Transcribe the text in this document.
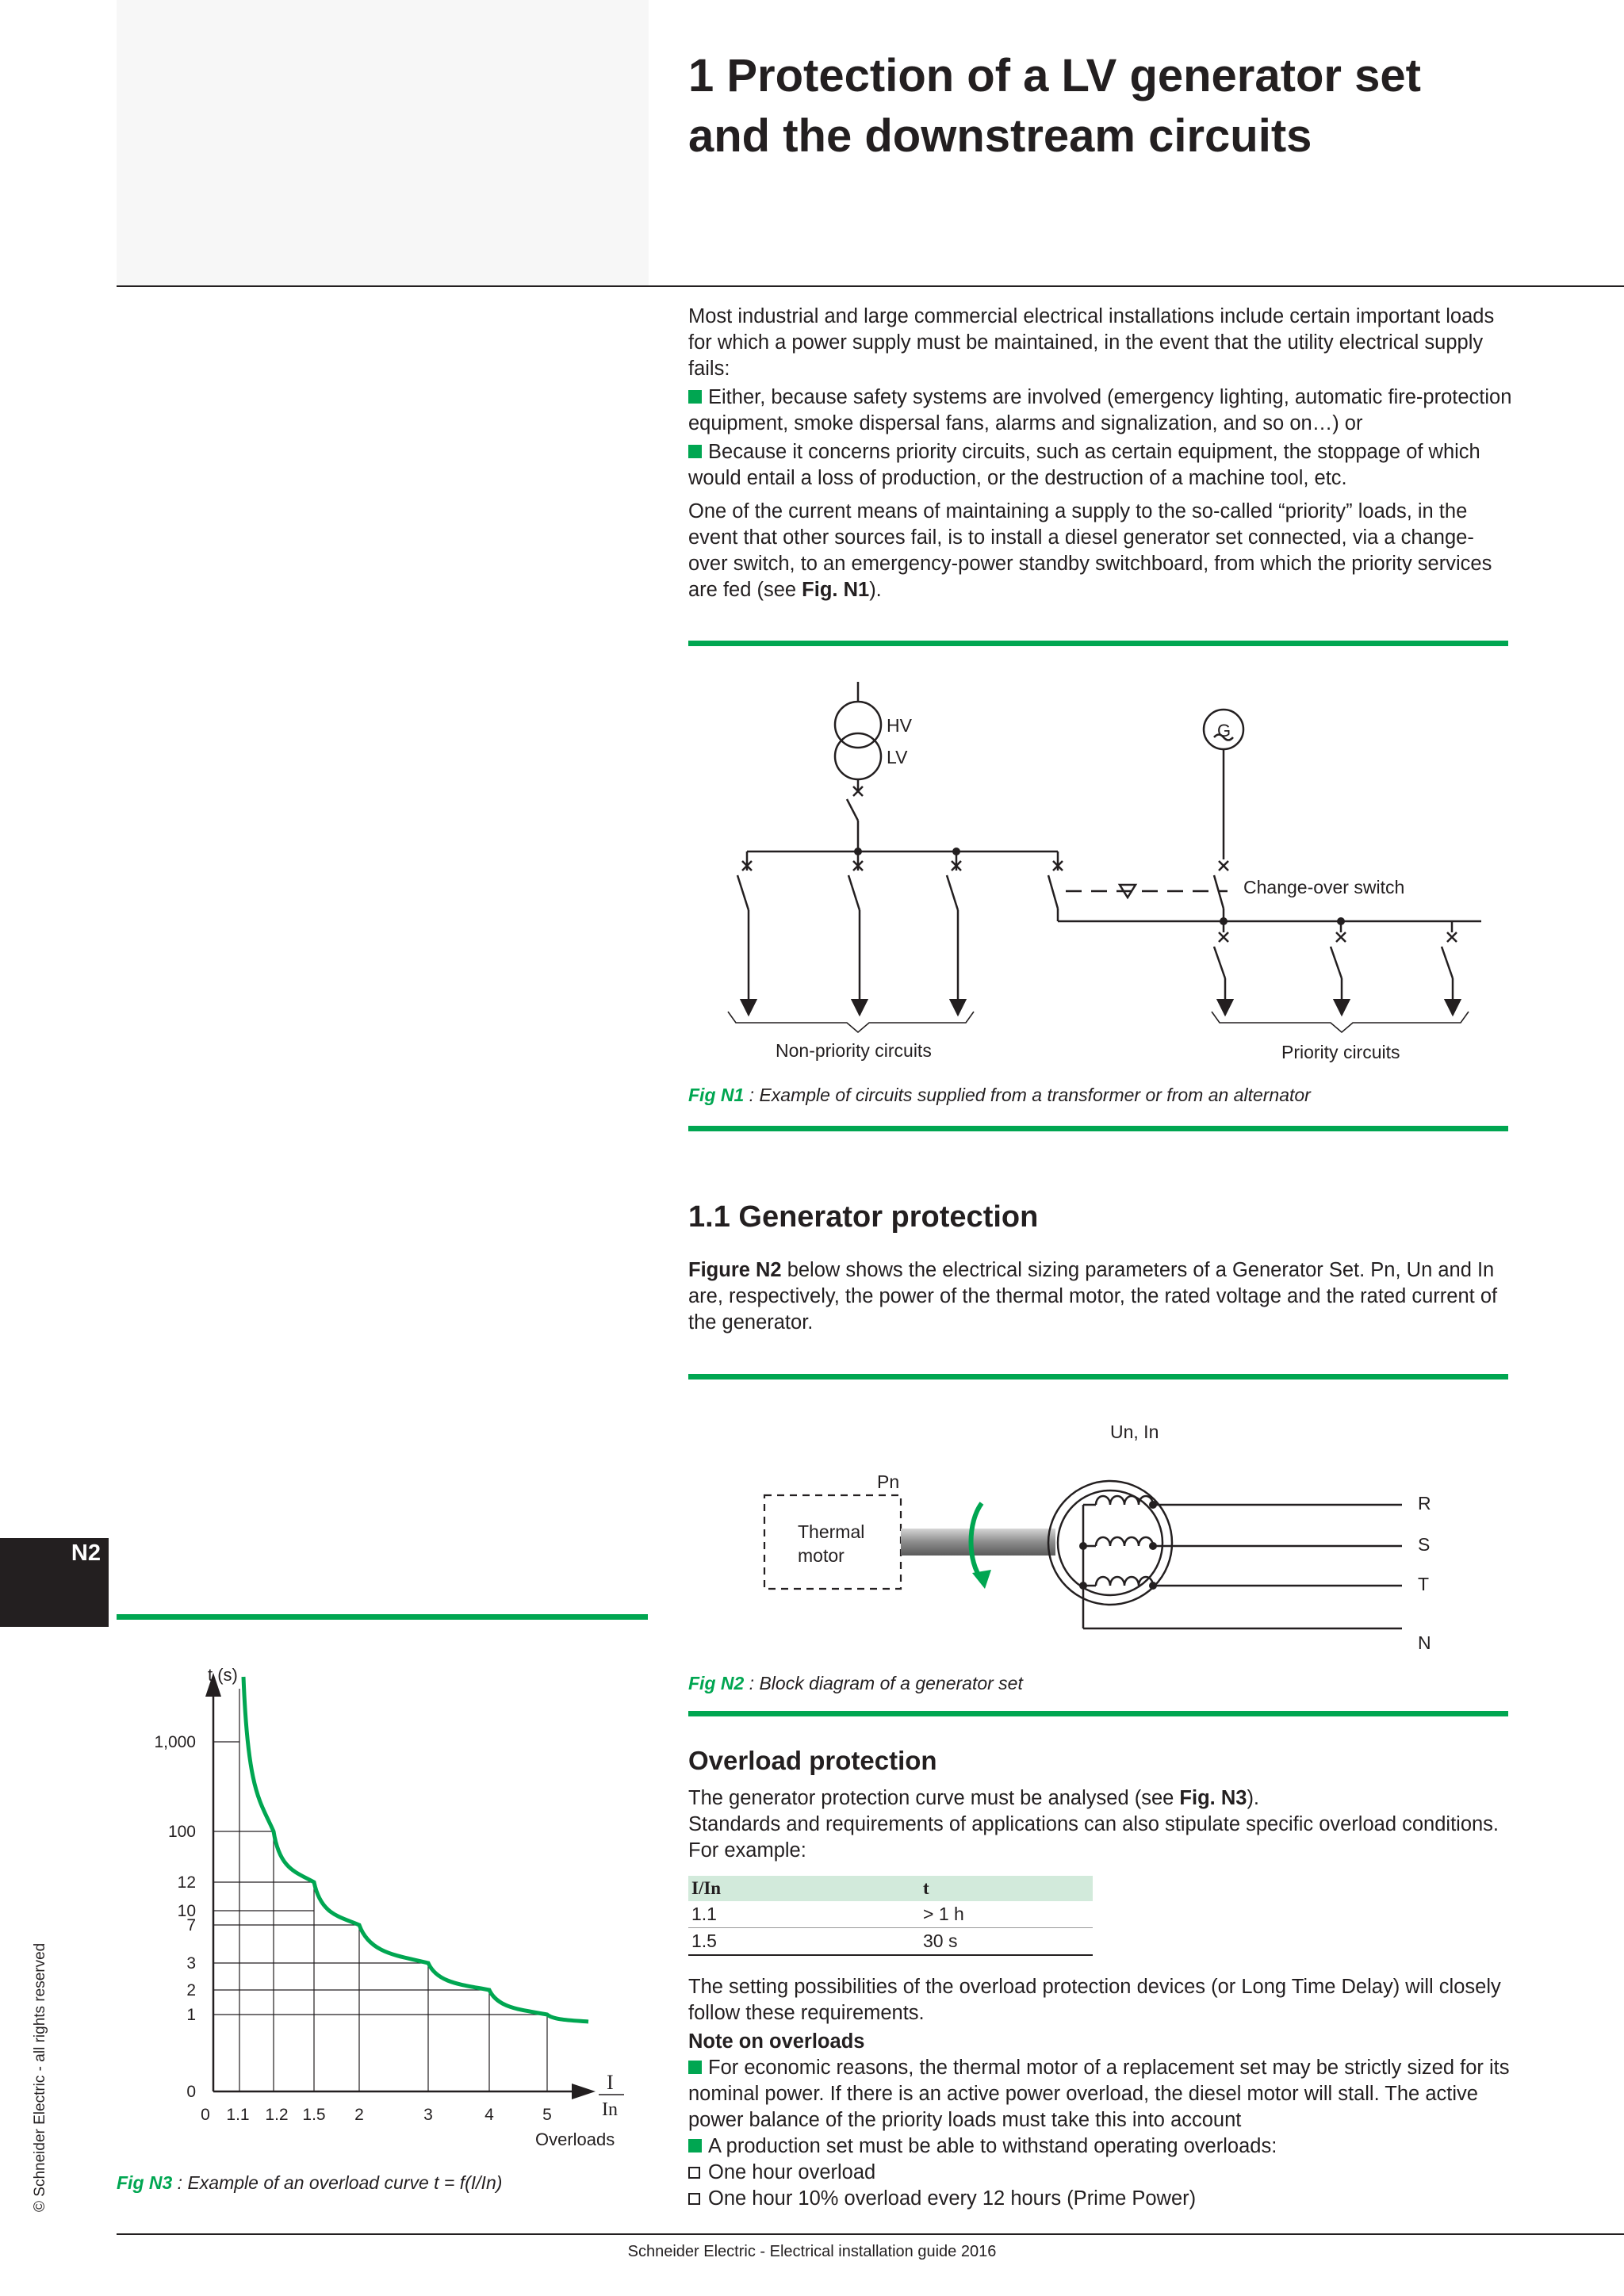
1 Protection of a LV generator set
and the downstream circuits

Most industrial and large commercial electrical installations include certain important loads for which a power supply must be maintained, in the event that the utility electrical supply fails:

Either, because safety systems are involved (emergency lighting, automatic fire-protection equipment, smoke dispersal fans, alarms and signalization, and so on…) or

Because it concerns priority circuits, such as certain equipment, the stoppage of which would entail a loss of production, or the destruction of a machine tool, etc.

One of the current means of maintaining a supply to the so-called “priority” loads, in the event that other sources fail, is to install a diesel generator set connected, via a change-over switch, to an emergency-power standby switchboard, from which the priority services are fed (see Fig. N1).

HV
LV
G
Change-over switch
Non-priority circuits	Priority circuits
Fig N1 : Example of circuits supplied from a transformer or from an alternator
1.1 Generator protection

Figure N2 below shows the electrical sizing parameters of a Generator Set. Pn, Un and In are, respectively, the power of the thermal motor, the rated voltage and the rated current of the generator.

Un, In
Pn
Thermal
motor
R
S
T
N
Fig N2 : Block diagram of a generator set
Overload protection
The generator protection curve must be analysed (see Fig. N3).
Standards and requirements of applications can also stipulate specific overload conditions. For example:
I/In	t
1.1	> 1 h
1.5	30 s
The setting possibilities of the overload protection devices (or Long Time Delay) will closely follow these requirements.
Note on overloads
For economic reasons, the thermal motor of a replacement set may be strictly sized for its nominal power. If there is an active power overload, the diesel motor will stall. The active power balance of the priority loads must take this into account
A production set must be able to withstand operating overloads:
One hour overload
One hour 10% overload every 12 hours (Prime Power)
N2
0
1
2
3
7
10
12
100
1,000
0 1.1 1.2 1.5 2	3	4	5
t (s)
Overloads
I
In
Fig N3 : Example of an overload curve t = f(I/In)
© Schneider Electric - all rights reserved
Schneider Electric - Electrical installation guide 2016
